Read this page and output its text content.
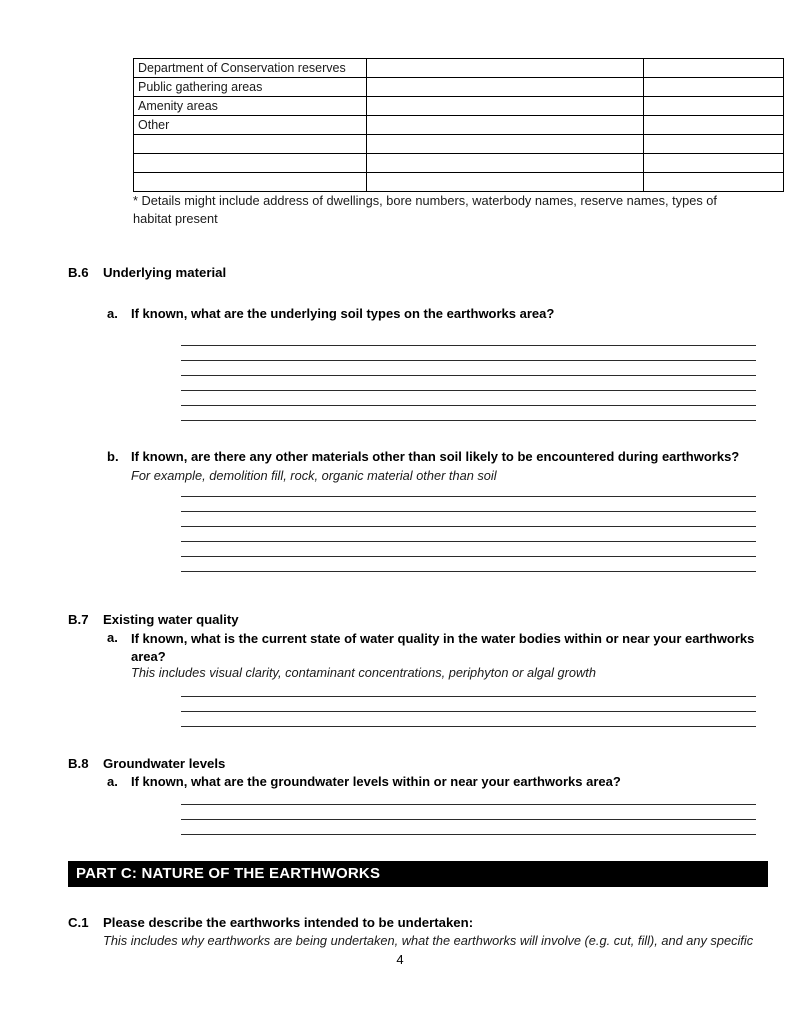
Department of Conservation reserves		
Public gathering areas		
Amenity areas		
Other		

* Details might include address of dwellings, bore numbers, waterbody names, reserve names, types of habitat present
B.6 Underlying material
a. If known, what are the underlying soil types on the earthworks area?
b. If known, are there any other materials other than soil likely to be encountered during earthworks?
For example, demolition fill, rock, organic material other than soil
B.7 Existing water quality
a. If known, what is the current state of water quality in the water bodies within or near your earthworks area?
This includes visual clarity, contaminant concentrations, periphyton or algal growth
B.8 Groundwater levels
a. If known, what are the groundwater levels within or near your earthworks area?
PART C: NATURE OF THE EARTHWORKS
C.1 Please describe the earthworks intended to be undertaken:
This includes why earthworks are being undertaken, what the earthworks will involve (e.g. cut, fill), and any specific
4
